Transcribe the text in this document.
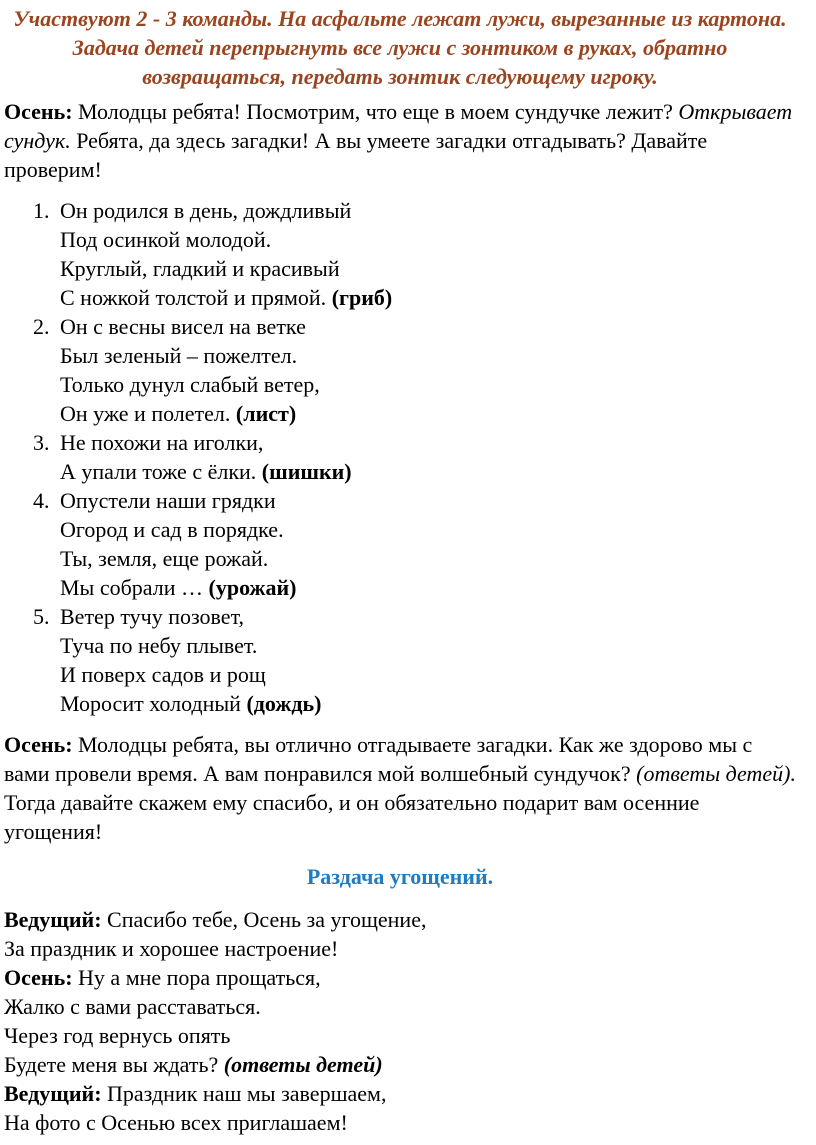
Участвуют 2 - 3 команды. На асфальте лежат лужи, вырезанные из картона. Задача детей перепрыгнуть все лужи с зонтиком в руках, обратно возвращаться, передать зонтик следующему игроку.

Осень: Молодцы ребята! Посмотрим, что еще в моем сундучке лежит? Открывает сундук. Ребята, да здесь загадки! А вы умеете загадки отгадывать? Давайте проверим!

1. Он родился в день, дождливый
Под осинкой молодой.
Круглый, гладкий и красивый
С ножкой толстой и прямой. (гриб)
2. Он с весны висел на ветке
Был зеленый – пожелтел.
Только дунул слабый ветер,
Он уже и полетел. (лист)
3. Не похожи на иголки,
А упали тоже с ёлки. (шишки)
4. Опустели наши грядки
Огород и сад в порядке.
Ты, земля, еще рожай.
Мы собрали … (урожай)
5. Ветер тучу позовет,
Туча по небу плывет.
И поверх садов и рощ
Моросит холодный (дождь)

Осень: Молодцы ребята, вы отлично отгадываете загадки. Как же здорово мы с вами провели время. А вам понравился мой волшебный сундучок? (ответы детей). Тогда давайте скажем ему спасибо, и он обязательно подарит вам осенние угощения!

Раздача угощений.

Ведущий: Спасибо тебе, Осень за угощение,
За праздник и хорошее настроение!
Осень: Ну а мне пора прощаться,
Жалко с вами расставаться.
Через год вернусь опять
Будете меня вы ждать? (ответы детей)
Ведущий: Праздник наш мы завершаем,
На фото с Осенью всех приглашаем!
